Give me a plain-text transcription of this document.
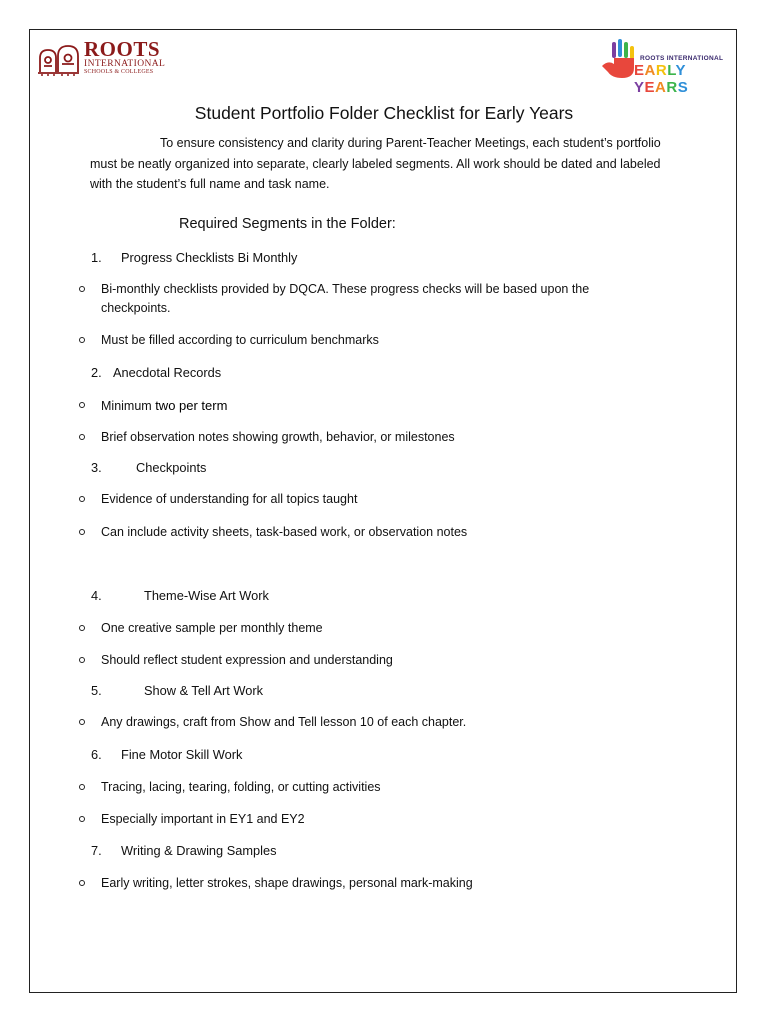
ROOTS
INTERNATIONAL
SCHOOLS & COLLEGES
ROOTS INTERNATIONAL
EARLY YEARS
Student Portfolio Folder Checklist for Early Years
To ensure consistency and clarity during Parent-Teacher Meetings, each student’s portfolio must be neatly organized into separate, clearly labeled segments. All work should be dated and labeled with the student’s full name and task name.
Required Segments in the Folder:
1. Progress Checklists Bi Monthly
Bi-monthly checklists provided by DQCA. These progress checks will be based upon the checkpoints.
Must be filled according to curriculum benchmarks
2. Anecdotal Records
Minimum two per term
Brief observation notes showing growth, behavior, or milestones
3.	Checkpoints
Evidence of understanding for all topics taught
Can include activity sheets, task-based work, or observation notes
4.	Theme-Wise Art Work
One creative sample per monthly theme
Should reflect student expression and understanding
5.	Show & Tell Art Work
Any drawings, craft from Show and Tell lesson 10 of each chapter.
6. Fine Motor Skill Work
Tracing, lacing, tearing, folding, or cutting activities
Especially important in EY1 and EY2
7. Writing & Drawing Samples
Early writing, letter strokes, shape drawings, personal mark-making
